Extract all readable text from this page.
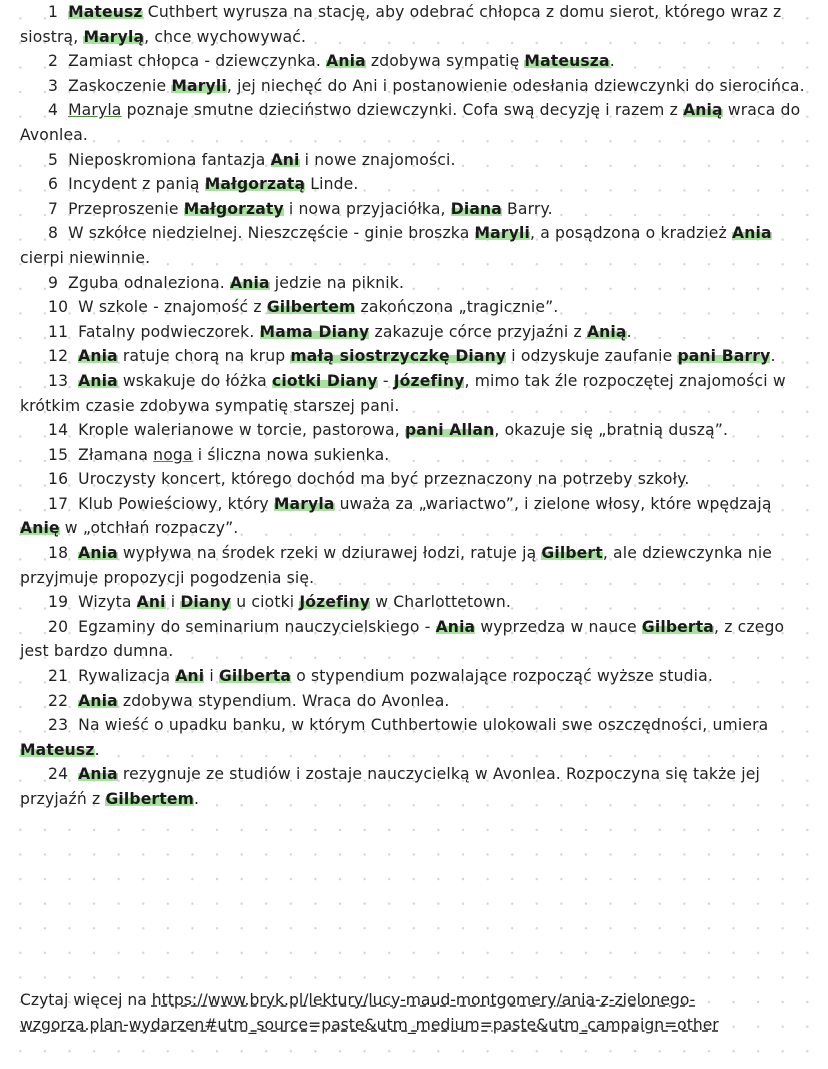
1 Mateusz Cuthbert wyrusza na stację, aby odebrać chłopca z domu sierot, którego wraz z siostrą, Marylą, chce wychowywać.

2 Zamiast chłopca - dziewczynka. Ania zdobywa sympatię Mateusza.

3 Zaskoczenie Maryli, jej niechęć do Ani i postanowienie odesłania dziewczynki do sierocińca.

4 Maryla poznaje smutne dzieciństwo dziewczynki. Cofa swą decyzję i razem z Anią wraca do Avonlea.

5 Nieposkromiona fantazja Ani i nowe znajomości.

6 Incydent z panią Małgorzatą Linde.

7 Przeproszenie Małgorzaty i nowa przyjaciółka, Diana Barry.

8 W szkółce niedzielnej. Nieszczęście - ginie broszka Maryli, a posądzona o kradzież Ania cierpi niewinnie.

9 Zguba odnaleziona. Ania jedzie na piknik.

10 W szkole - znajomość z Gilbertem zakończona „tragicznie”.

11 Fatalny podwieczorek. Mama Diany zakazuje córce przyjaźni z Anią.

12 Ania ratuje chorą na krup małą siostrzyczkę Diany i odzyskuje zaufanie pani Barry.

13 Ania wskakuje do łóżka ciotki Diany - Józefiny, mimo tak źle rozpoczętej znajomości w krótkim czasie zdobywa sympatię starszej pani.

14 Krople walerianowe w torcie, pastorowa, pani Allan, okazuje się „bratnią duszą”.

15 Złamana noga i śliczna nowa sukienka.

16 Uroczysty koncert, którego dochód ma być przeznaczony na potrzeby szkoły.

17 Klub Powieściowy, który Maryla uważa za „wariactwo”, i zielone włosy, które wpędzają Anię w „otchłań rozpaczy”.

18 Ania wypływa na środek rzeki w dziurawej łodzi, ratuje ją Gilbert, ale dziewczynka nie przyjmuje propozycji pogodzenia się.

19 Wizyta Ani i Diany u ciotki Józefiny w Charlottetown.

20 Egzaminy do seminarium nauczycielskiego - Ania wyprzedza w nauce Gilberta, z czego jest bardzo dumna.

21 Rywalizacja Ani i Gilberta o stypendium pozwalające rozpocząć wyższe studia.

22 Ania zdobywa stypendium. Wraca do Avonlea.

23 Na wieść o upadku banku, w którym Cuthbertowie ulokowali swe oszczędności, umiera Mateusz.

24 Ania rezygnuje ze studiów i zostaje nauczycielką w Avonlea. Rozpoczyna się także jej przyjaźń z Gilbertem.

Czytaj więcej na https://www.bryk.pl/lektury/lucy-maud-montgomery/ania-z-zielonego-wzgorza.plan-wydarzen#utm_source=paste&utm_medium=paste&utm_campaign=other
